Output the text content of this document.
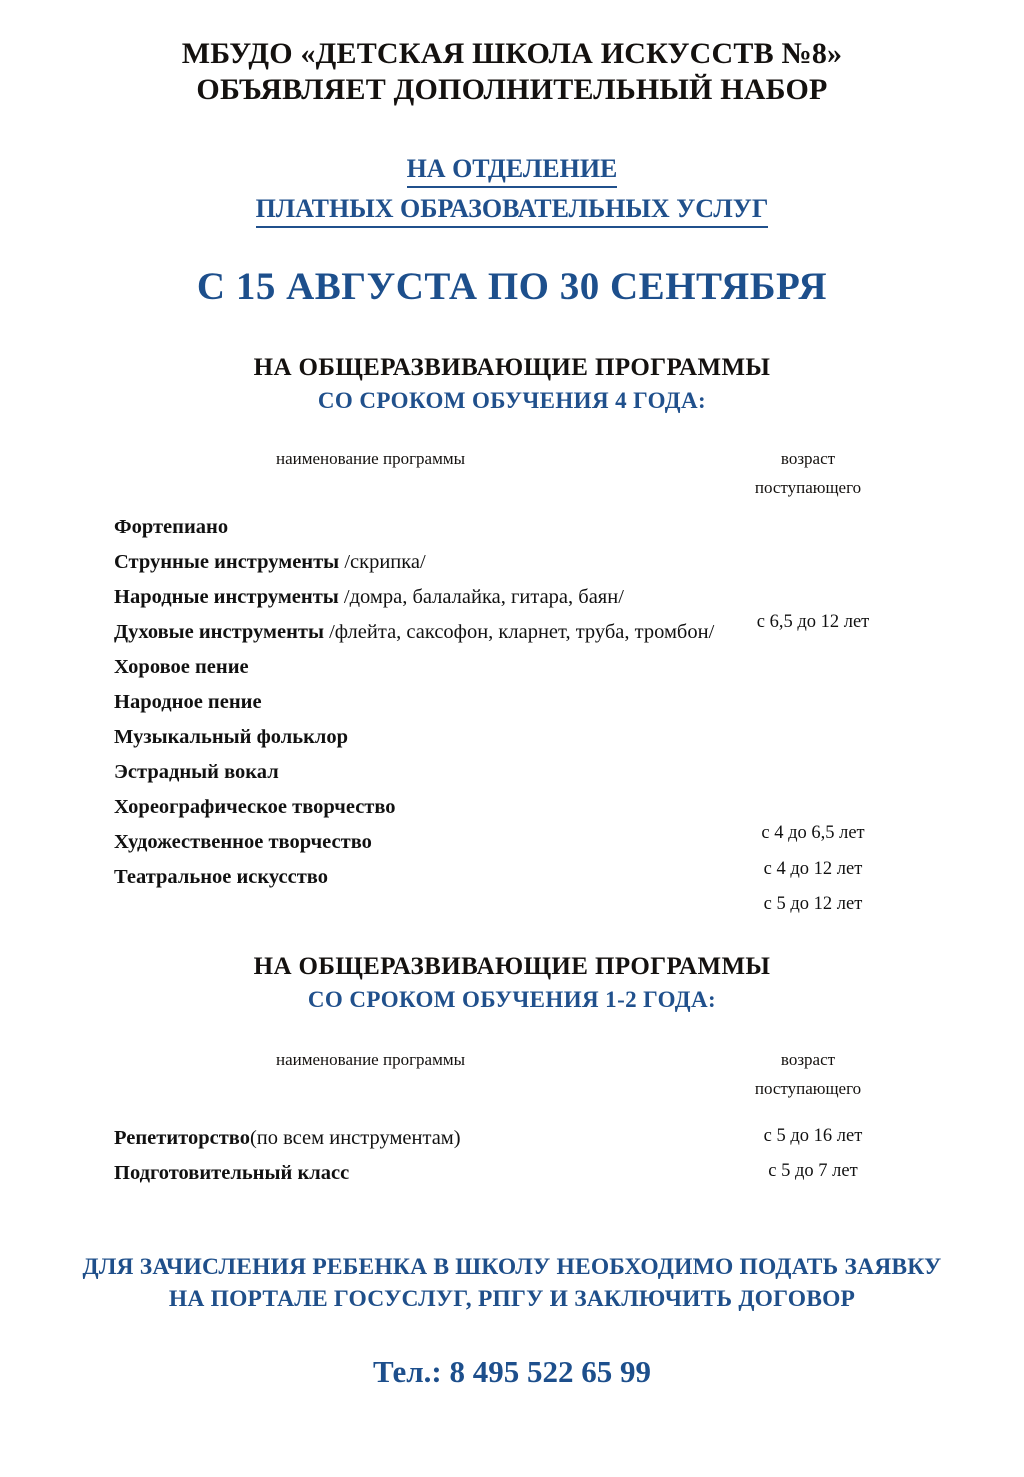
МБУДО «ДЕТСКАЯ ШКОЛА ИСКУССТВ №8»
ОБЪЯВЛЯЕТ ДОПОЛНИТЕЛЬНЫЙ НАБОР
НА ОТДЕЛЕНИЕ
ПЛАТНЫХ ОБРАЗОВАТЕЛЬНЫХ УСЛУГ
С 15 АВГУСТА ПО 30 СЕНТЯБРЯ
НА ОБЩЕРАЗВИВАЮЩИЕ ПРОГРАММЫ
СО СРОКОМ ОБУЧЕНИЯ 4 ГОДА:
наименование программы	возраст
поступающего
Фортепиано
Струнные инструменты /скрипка/
Народные инструменты /домра, балалайка, гитара, баян/
Духовые инструменты /флейта, саксофон, кларнет, труба, тромбон/
Хоровое пение
Народное пение
Музыкальный фольклор
Эстрадный вокал
Хореографическое творчество
Художественное творчество
Театральное искусство
с 6,5 до 12 лет
с 4 до 6,5 лет
с 4 до 12 лет
с 5 до 12 лет
НА ОБЩЕРАЗВИВАЮЩИЕ ПРОГРАММЫ
СО СРОКОМ ОБУЧЕНИЯ 1-2 ГОДА:
наименование программы	возраст
поступающего
Репетиторство(по всем инструментам)
Подготовительный класс
с 5 до 16 лет
с 5 до 7 лет
ДЛЯ ЗАЧИСЛЕНИЯ РЕБЕНКА В ШКОЛУ НЕОБХОДИМО ПОДАТЬ ЗАЯВКУ
НА ПОРТАЛЕ ГОСУСЛУГ, РПГУ И ЗАКЛЮЧИТЬ ДОГОВОР
Тел.: 8 495 522 65 99
